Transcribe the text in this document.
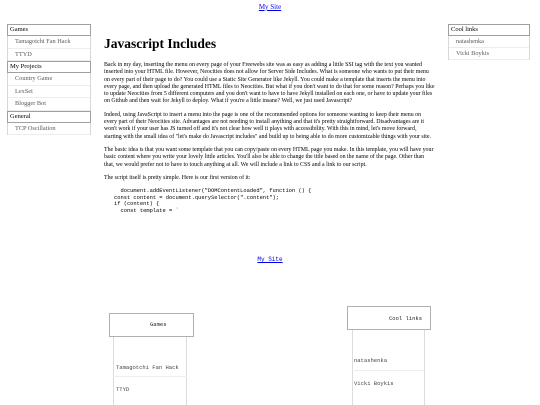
My Site
Games
Tamagotchi Fan Hack
TTYD
My Projects
Country Game
LexSet
Blogger Bot
General
TCP Oscillation
Cool links
natashenka
Vicki Boykis
Javascript Includes

Back in my day, inserting the menu on every page of your Freewebs site was as easy as adding a little SSI tag with the text you wanted inserted into your HTML file. However, Neocities does not allow for Server Side Includes. What is someone who wants to put their menu on every part of their page to do? You could use a Static Site Generator like Jekyll. You could make a template that inserts the menu into every page, and then upload the generated HTML files to Neocities. But what if you don't want to do that for some reason? Perhaps you like to update Neocities from 5 different computers and you don't want to have to have Jekyll installed on each one, or have to update your files on Github and then wait for Jekyll to deploy. What if you're a little insane? Well, we just used Javascript?

Indeed, using JavaScript to insert a menu into the page is one of the recommended options for someone wanting to keep their menu on every part of their Neocities site. Advantages are not needing to install anything and that it's pretty straightforward. Disadvantages are it won't work if your user has JS turned off and it's not clear how well it plays with accessibility. With this in mind, let's move forward, starting with the small idea of "let's make do Javascript includes" and build up to being able to do more customizable things with your site.

The basic idea is that you want some template that you can copy/paste on every HTML page you make. In this template, you will have your basic content where you write your lovely little articles. You'll also be able to change the title based on the name of the page. Other than that, we would prefer not to have to touch anything at all. We will include a link to CSS and a link to our script.

The script itself is pretty simple. Here is our first version of it:

document.addEventListener("DOMContentLoaded", function () {
const content = document.querySelector(".content");
if (content) {
const template = `
My Site
Games
Cool links
Tamagotchi Fan Hack
TTYD
natashenka
Vicki Boykis
